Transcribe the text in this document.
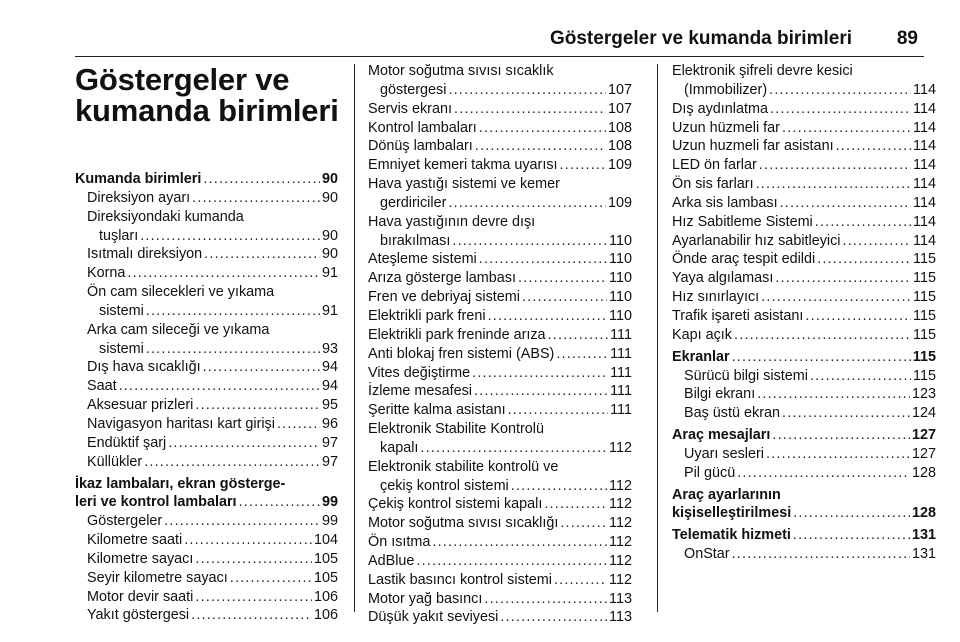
Göstergeler ve kumanda birimleri 89
Göstergeler ve
kumanda birimleri
Kumanda birimleri . . .	90
Direksiyon ayarı . . .	90
Direksiyondaki kumanda
tuşları . . .	90
Isıtmalı direksiyon . . .	90
Korna . . .	91
Ön cam silecekleri ve yıkama
sistemi . . .	91
Arka cam sileceği ve yıkama
sistemi . . .	93
Dış hava sıcaklığı . . .	94
Saat . . .	94
Aksesuar prizleri . . .	95
Navigasyon haritası kart girişi . . .	96
Endüktif şarj . . .	97
Küllükler . . .	97
İkaz lambaları, ekran gösterge-
leri ve kontrol lambaları . . .	99
Göstergeler . . .	99
Kilometre saati . . .	104
Kilometre sayacı . . .	105
Seyir kilometre sayacı . . .	105
Motor devir saati . . .	106
Yakıt göstergesi . . .	106
Motor soğutma sıvısı sıcaklık
göstergesi . . .	107
Servis ekranı . . .	107
Kontrol lambaları . . .	108
Dönüş lambaları . . .	108
Emniyet kemeri takma uyarısı . . .	109
Hava yastığı sistemi ve kemer
gerdiriciler . . .	109
Hava yastığının devre dışı
bırakılması . . .	110
Ateşleme sistemi . . .	110
Arıza gösterge lambası . . .	110
Fren ve debriyaj sistemi . . .	110
Elektrikli park freni . . .	110
Elektrikli park freninde arıza . . .	111
Anti blokaj fren sistemi (ABS) . . .	111
Vites değiştirme . . .	111
İzleme mesafesi . . .	111
Şeritte kalma asistanı . . .	111
Elektronik Stabilite Kontrolü
kapalı . . .	112
Elektronik stabilite kontrolü ve
çekiş kontrol sistemi . . .	112
Çekiş kontrol sistemi kapalı . . .	112
Motor soğutma sıvısı sıcaklığı . . .	112
Ön ısıtma . . .	112
AdBlue . . .	112
Lastik basıncı kontrol sistemi . . .	112
Motor yağ basıncı . . .	113
Düşük yakıt seviyesi . . .	113
Elektronik şifreli devre kesici
(Immobilizer) . . .	114
Dış aydınlatma . . .	114
Uzun hüzmeli far . . .	114
Uzun huzmeli far asistanı . . .	114
LED ön farlar . . .	114
Ön sis farları . . .	114
Arka sis lambası . . .	114
Hız Sabitleme Sistemi . . .	114
Ayarlanabilir hız sabitleyici . . .	114
Önde araç tespit edildi . . .	115
Yaya algılaması . . .	115
Hız sınırlayıcı . . .	115
Trafik işareti asistanı . . .	115
Kapı açık . . .	115
Ekranlar . . .	115
Sürücü bilgi sistemi . . .	115
Bilgi ekranı . . .	123
Baş üstü ekran . . .	124
Araç mesajları . . .	127
Uyarı sesleri . . .	127
Pil gücü . . .	128
Araç ayarlarının
kişiselleştirilmesi . . .	128
Telematik hizmeti . . .	131
OnStar . . .	131
